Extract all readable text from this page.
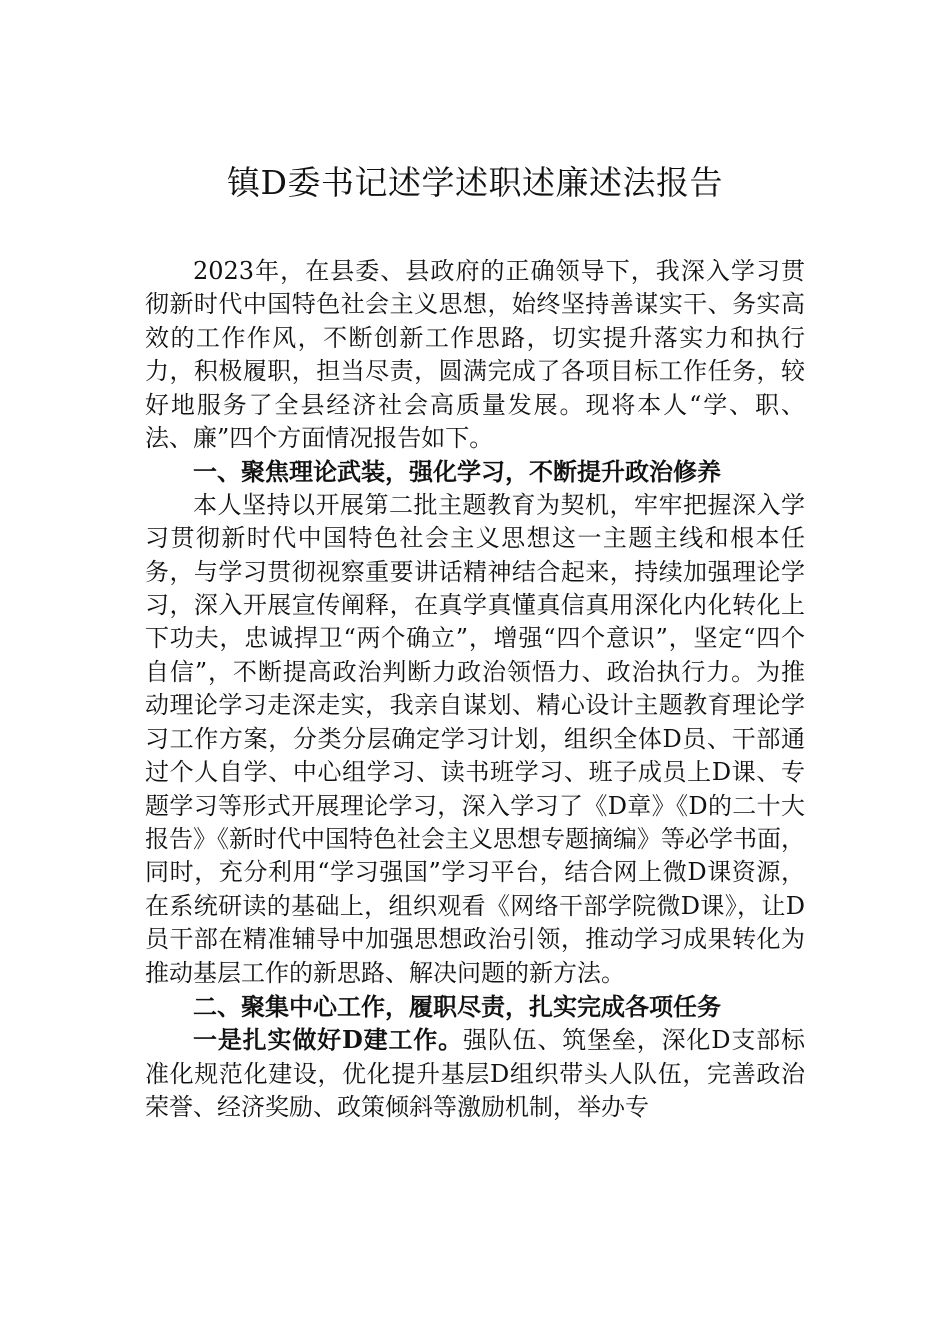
镇D委书记述学述职述廉述法报告

2023年，在县委、县政府的正确领导下，我深入学习贯彻新时代中国特色社会主义思想，始终坚持善谋实干、务实高效的工作作风，不断创新工作思路，切实提升落实力和执行力，积极履职，担当尽责，圆满完成了各项目标工作任务，较好地服务了全县经济社会高质量发展。现将本人“学、职、法、廉”四个方面情况报告如下。

一、聚焦理论武装，强化学习，不断提升政治修养

本人坚持以开展第二批主题教育为契机，牢牢把握深入学习贯彻新时代中国特色社会主义思想这一主题主线和根本任务，与学习贯彻视察重要讲话精神结合起来，持续加强理论学习，深入开展宣传阐释，在真学真懂真信真用深化内化转化上下功夫，忠诚捍卫“两个确立”，增强“四个意识”，坚定“四个自信”，不断提高政治判断力政治领悟力、政治执行力。为推动理论学习走深走实，我亲自谋划、精心设计主题教育理论学习工作方案，分类分层确定学习计划，组织全体D员、干部通过个人自学、中心组学习、读书班学习、班子成员上D课、专题学习等形式开展理论学习，深入学习了《D章》《D的二十大报告》《新时代中国特色社会主义思想专题摘编》等必学书面，同时，充分利用“学习强国”学习平台，结合网上微D课资源，在系统研读的基础上，组织观看《网络干部学院微D课》，让D员干部在精准辅导中加强思想政治引领，推动学习成果转化为推动基层工作的新思路、解决问题的新方法。

二、聚集中心工作，履职尽责，扎实完成各项任务

一是扎实做好D建工作。强队伍、筑堡垒，深化D支部标准化规范化建设，优化提升基层D组织带头人队伍，完善政治荣誉、经济奖励、政策倾斜等激励机制，举办专
